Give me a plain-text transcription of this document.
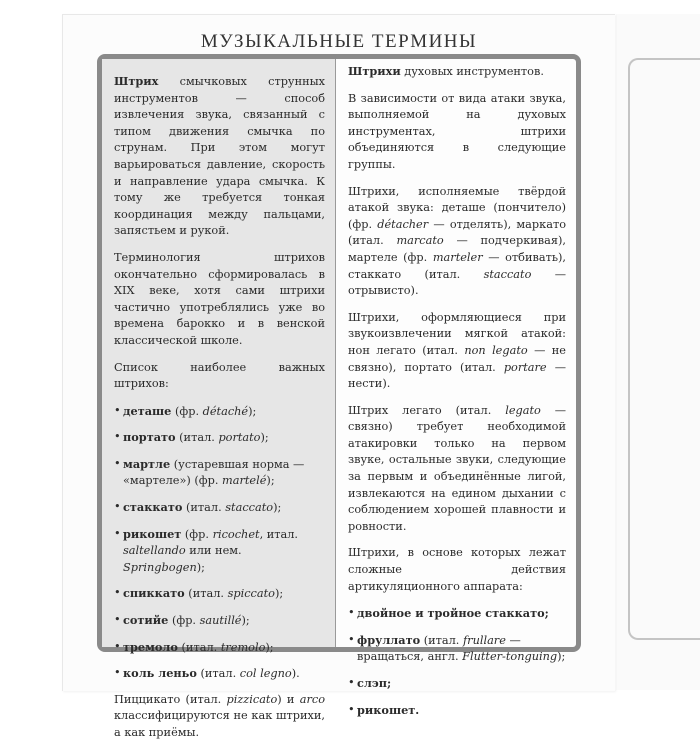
МУЗЫКАЛЬНЫЕ ТЕРМИНЫ

Штрих смычковых струнных инструментов — способ извлечения звука, связанный с типом движения смычка по струнам. При этом могут варьироваться давление, скорость и направление удара смычка. К тому же требуется тонкая координация между пальцами, запястьем и рукой.

Терминология штрихов окончательно сформировалась в XIX веке, хотя сами штрихи частично употреблялись уже во времена барокко и в венской классической школе.

Список наиболее важных штрихов:

• деташе (фр. détaché);
• портато (итал. portato);
• мартле (устаревшая норма — «мартеле») (фр. martelé);
• стаккато (итал. staccato);
• рикошет (фр. ricochet, итал. saltellando или нем. Springbogen);
• спиккато (итал. spiccato);
• сотийе (фр. sautillé);
• тремоло (итал. tremolo);
• коль леньо (итал. col legno).

Пиццикато (итал. pizzicato) и arco классифицируются не как штрихи, а как приёмы.

Штрихи духовых инструментов.

В зависимости от вида атаки звука, выполняемой на духовых инструментах, штрихи объединяются в следующие группы.

Штрихи, исполняемые твёрдой атакой звука: деташе (пончитело) (фр. détacher — отделять), маркато (итал. marcato — подчеркивая), мартеле (фр. marteler — отбивать), стаккато (итал. staccato — отрывисто).

Штрихи, оформляющиеся при звукоизвлечении мягкой атакой: нон легато (итал. non legato — не связно), портато (итал. portare — нести).

Штрих легато (итал. legato — связно) требует необходимой атакировки только на первом звуке, остальные звуки, следующие за первым и объединённые лигой, извлекаются на едином дыхании с соблюдением хорошей плавности и ровности.

Штрихи, в основе которых лежат сложные действия артикуляционного аппарата:

• двойное и тройное стаккато;
• фруллато (итал. frullare — вращаться, англ. Flutter-tonguing);
• слэп;
• рикошет.
